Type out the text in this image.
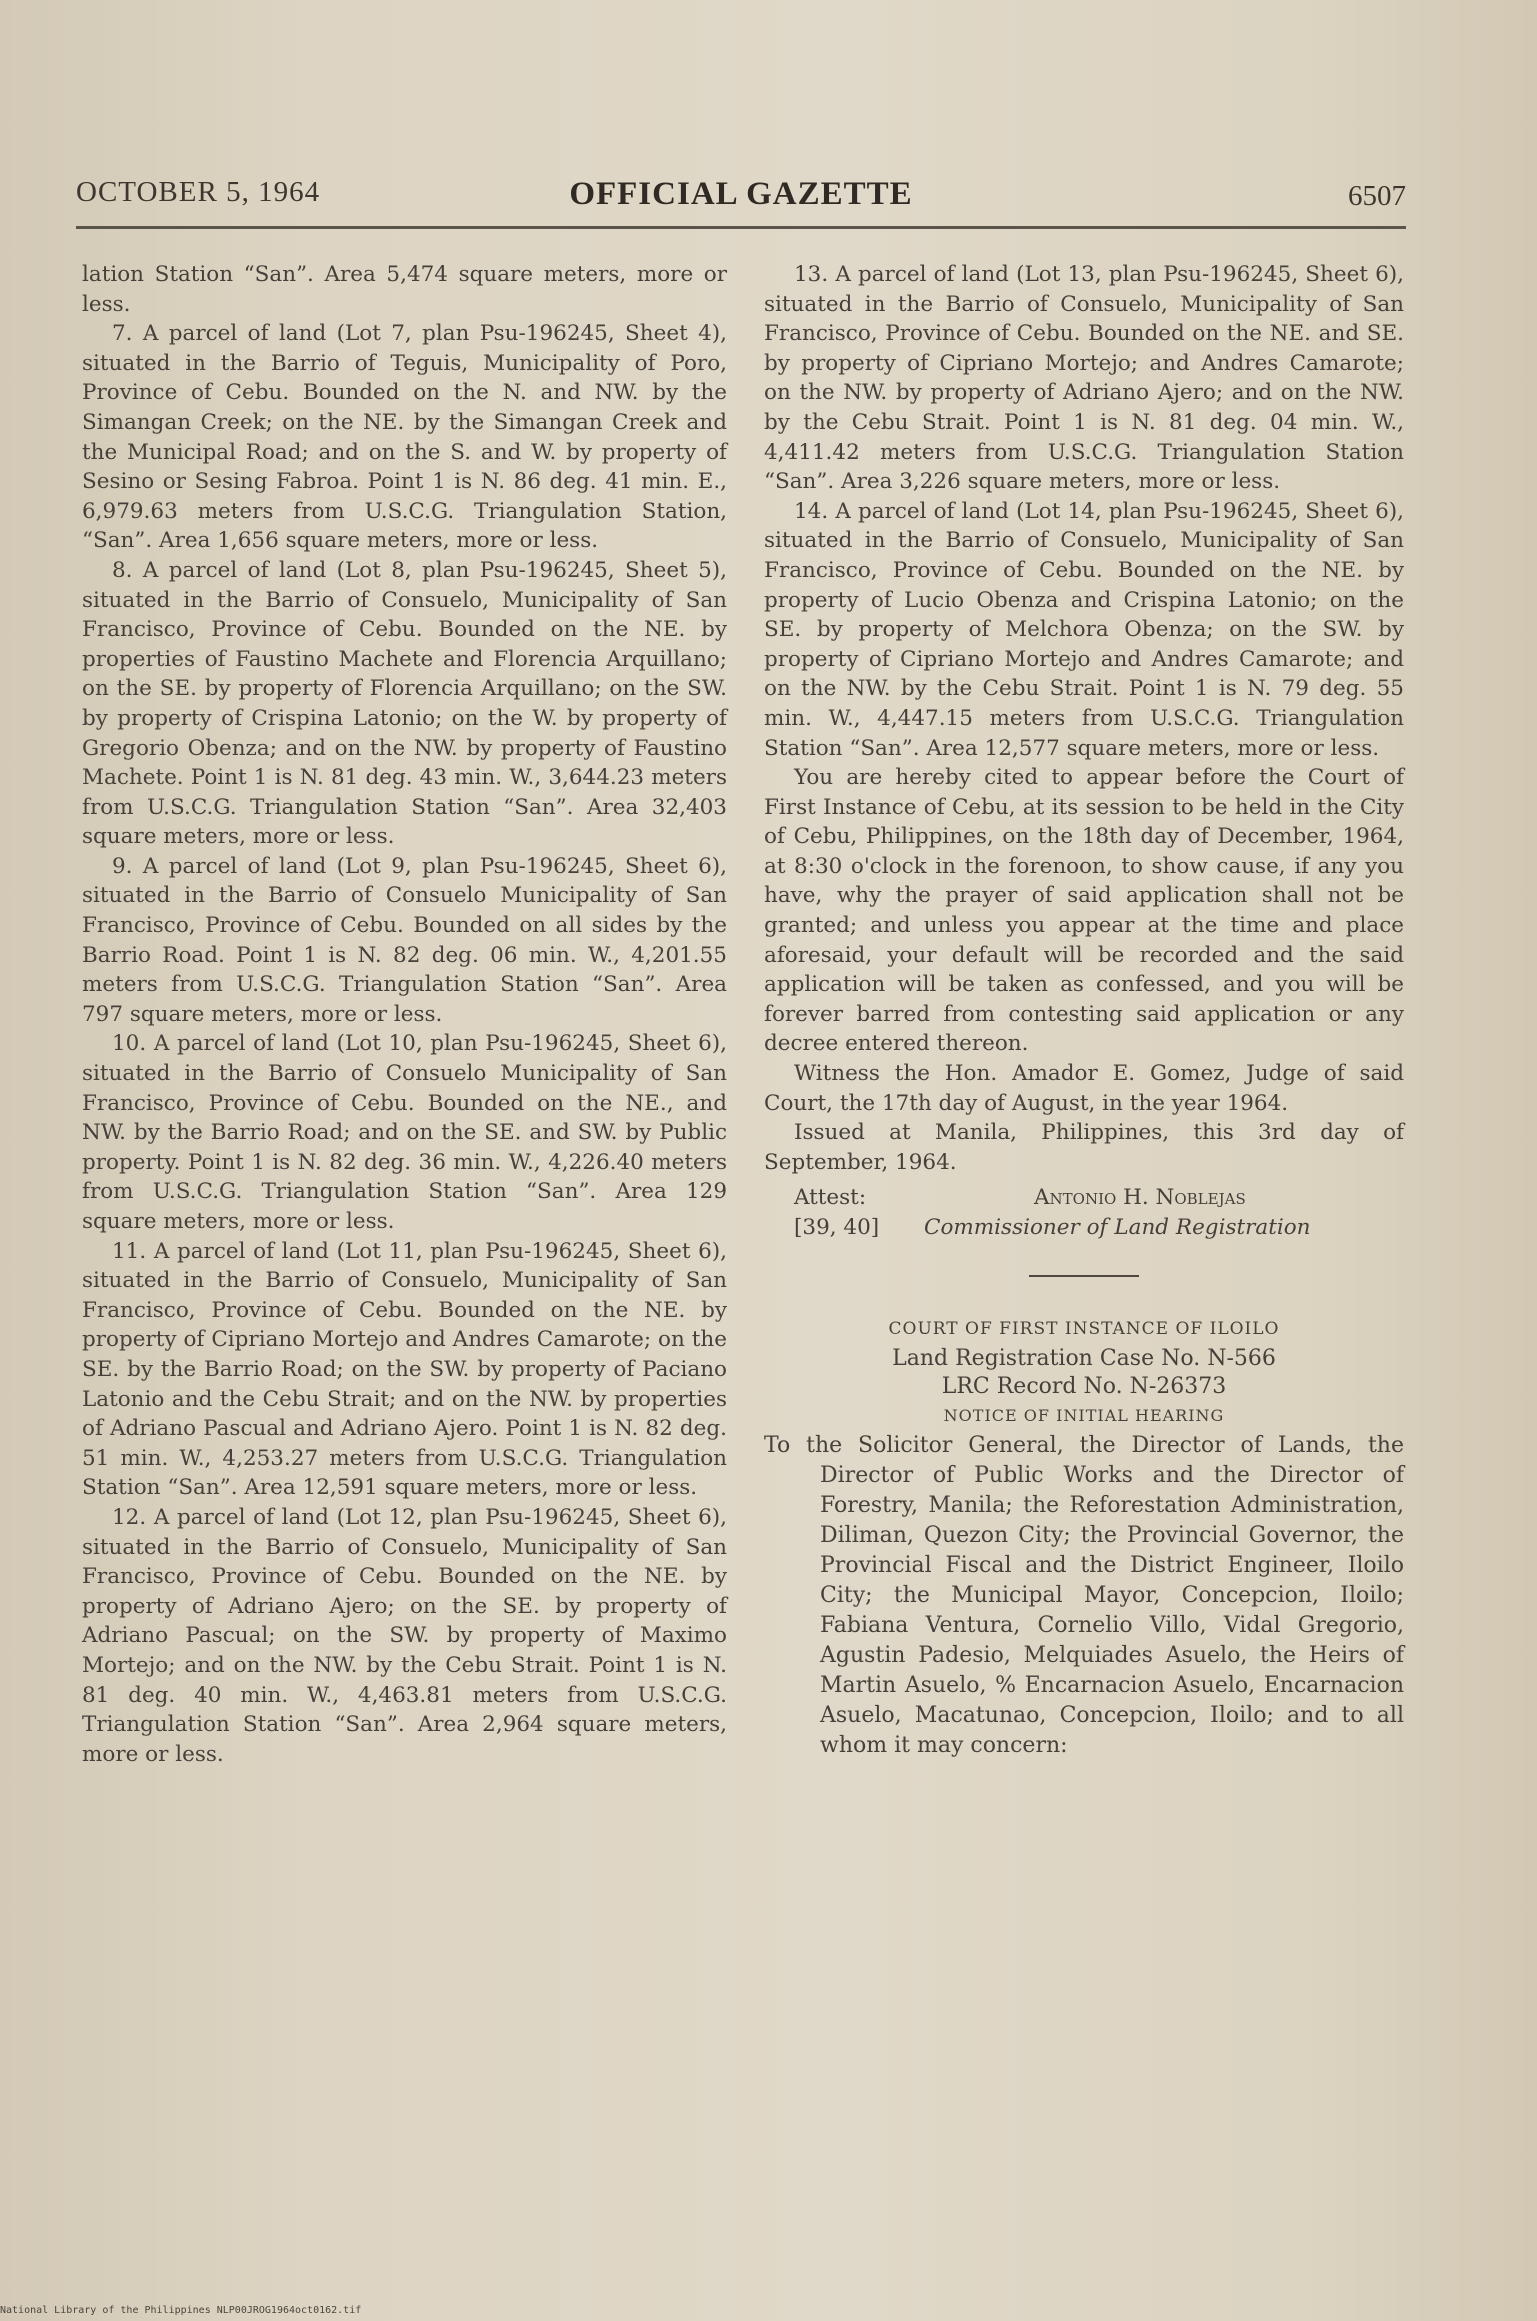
OCTOBER 5, 1964	OFFICIAL GAZETTE	6507

lation Station “San”. Area 5,474 square meters, more or less.

7. A parcel of land (Lot 7, plan Psu-196245, Sheet 4), situated in the Barrio of Teguis, Municipality of Poro, Province of Cebu. Bounded on the N. and NW. by the Simangan Creek; on the NE. by the Simangan Creek and the Municipal Road; and on the S. and W. by property of Sesino or Sesing Fabroa. Point 1 is N. 86 deg. 41 min. E., 6,979.63 meters from U.S.C.G. Triangulation Station, “San”. Area 1,656 square meters, more or less.

8. A parcel of land (Lot 8, plan Psu-196245, Sheet 5), situated in the Barrio of Consuelo, Municipality of San Francisco, Province of Cebu. Bounded on the NE. by properties of Faustino Machete and Florencia Arquillano; on the SE. by property of Florencia Arquillano; on the SW. by property of Crispina Latonio; on the W. by property of Gregorio Obenza; and on the NW. by property of Faustino Machete. Point 1 is N. 81 deg. 43 min. W., 3,644.23 meters from U.S.C.G. Triangulation Station “San”. Area 32,403 square meters, more or less.

9. A parcel of land (Lot 9, plan Psu-196245, Sheet 6), situated in the Barrio of Consuelo Municipality of San Francisco, Province of Cebu. Bounded on all sides by the Barrio Road. Point 1 is N. 82 deg. 06 min. W., 4,201.55 meters from U.S.C.G. Triangulation Station “San”. Area 797 square meters, more or less.

10. A parcel of land (Lot 10, plan Psu-196245, Sheet 6), situated in the Barrio of Consuelo Municipality of San Francisco, Province of Cebu. Bounded on the NE., and NW. by the Barrio Road; and on the SE. and SW. by Public property. Point 1 is N. 82 deg. 36 min. W., 4,226.40 meters from U.S.C.G. Triangulation Station “San”. Area 129 square meters, more or less.

11. A parcel of land (Lot 11, plan Psu-196245, Sheet 6), situated in the Barrio of Consuelo, Municipality of San Francisco, Province of Cebu. Bounded on the NE. by property of Cipriano Mortejo and Andres Camarote; on the SE. by the Barrio Road; on the SW. by property of Paciano Latonio and the Cebu Strait; and on the NW. by properties of Adriano Pascual and Adriano Ajero. Point 1 is N. 82 deg. 51 min. W., 4,253.27 meters from U.S.C.G. Triangulation Station “San”. Area 12,591 square meters, more or less.

12. A parcel of land (Lot 12, plan Psu-196245, Sheet 6), situated in the Barrio of Consuelo, Municipality of San Francisco, Province of Cebu. Bounded on the NE. by property of Adriano Ajero; on the SE. by property of Adriano Pascual; on the SW. by property of Maximo Mortejo; and on the NW. by the Cebu Strait. Point 1 is N. 81 deg. 40 min. W., 4,463.81 meters from U.S.C.G. Triangulation Station “San”. Area 2,964 square meters, more or less.

13. A parcel of land (Lot 13, plan Psu-196245, Sheet 6), situated in the Barrio of Consuelo, Municipality of San Francisco, Province of Cebu. Bounded on the NE. and SE. by property of Cipriano Mortejo; and Andres Camarote; on the NW. by property of Adriano Ajero; and on the NW. by the Cebu Strait. Point 1 is N. 81 deg. 04 min. W., 4,411.42 meters from U.S.C.G. Triangulation Station “San”. Area 3,226 square meters, more or less.

14. A parcel of land (Lot 14, plan Psu-196245, Sheet 6), situated in the Barrio of Consuelo, Municipality of San Francisco, Province of Cebu. Bounded on the NE. by property of Lucio Obenza and Crispina Latonio; on the SE. by property of Melchora Obenza; on the SW. by property of Cipriano Mortejo and Andres Camarote; and on the NW. by the Cebu Strait. Point 1 is N. 79 deg. 55 min. W., 4,447.15 meters from U.S.C.G. Triangulation Station “San”. Area 12,577 square meters, more or less.

You are hereby cited to appear before the Court of First Instance of Cebu, at its session to be held in the City of Cebu, Philippines, on the 18th day of December, 1964, at 8:30 o'clock in the forenoon, to show cause, if any you have, why the prayer of said application shall not be granted; and unless you appear at the time and place aforesaid, your default will be recorded and the said application will be taken as confessed, and you will be forever barred from contesting said application or any decree entered thereon.

Witness the Hon. Amador E. Gomez, Judge of said Court, the 17th day of August, in the year 1964.

Issued at Manila, Philippines, this 3rd day of September, 1964.

Attest:	Antonio H. Noblejas
[39, 40] Commissioner of Land Registration

COURT OF FIRST INSTANCE OF ILOILO

Land Registration Case No. N-566

LRC Record No. N-26373

NOTICE OF INITIAL HEARING

To the Solicitor General, the Director of Lands, the Director of Public Works and the Director of Forestry, Manila; the Reforestation Administration, Diliman, Quezon City; the Provincial Governor, the Provincial Fiscal and the District Engineer, Iloilo City; the Municipal Mayor, Concepcion, Iloilo; Fabiana Ventura, Cornelio Villo, Vidal Gregorio, Agustin Padesio, Melquiades Asuelo, the Heirs of Martin Asuelo, % Encarnacion Asuelo, Encarnacion Asuelo, Macatunao, Concepcion, Iloilo; and to all whom it may concern:

National Library of the Philippines NLP00JROG1964oct0162.tif
